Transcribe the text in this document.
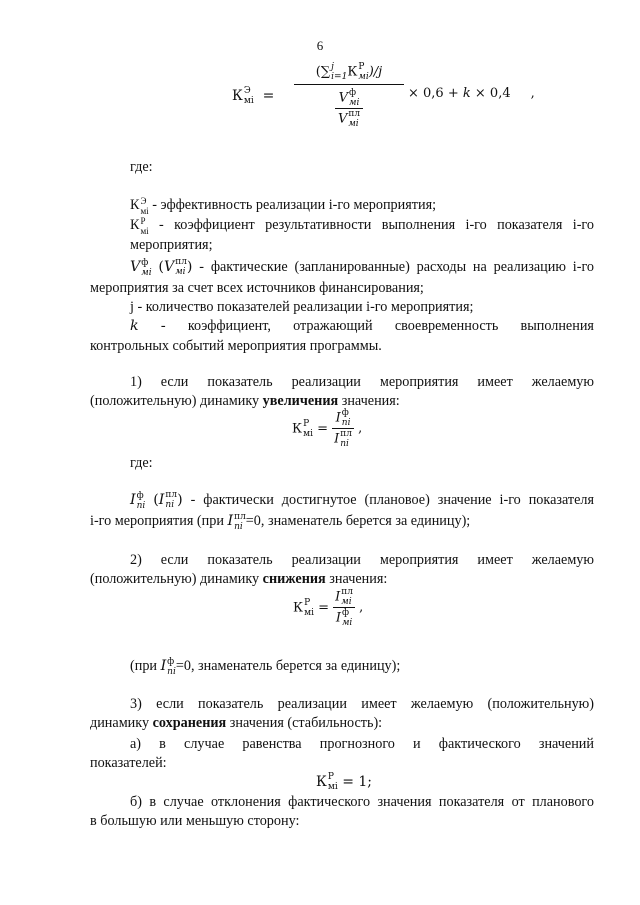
6
К Э
мi =
(∑ j
i=1 К Р
мi )/j
V ф
мi
V пл
мi
× 0,6 + k × 0,4 ,
где:
К Э
мi - эффективность реализации i-го мероприятия;
К Р
мi - коэффициент результативности выполнения i-го показателя i-го
мероприятия;
V ф
мi (V пл
мi ) - фактические (запланированные) расходы на реализацию i-го
мероприятия за счет всех источников финансирования;
j - количество показателей реализации i-го мероприятия;
k - коэффициент, отражающий своевременность выполнения
контрольных событий мероприятия программы.
1) если показатель реализации мероприятия имеет желаемую
(положительную) динамику увеличения значения:
К Р
мi = I ф
пi
I пл
пi ,
где:
I ф
пi (I пл
пi ) - фактически достигнутое (плановое) значение i-го показателя
i-го мероприятия (при I пл
пi =0, знаменатель берется за единицу);
2) если показатель реализации мероприятия имеет желаемую
(положительную) динамику снижения значения:
К Р
мi = I пл
мi
I ф
мi ,
(при I ф
пi =0, знаменатель берется за единицу);
3) если показатель реализации имеет желаемую (положительную)
динамику сохранения значения (стабильность):
а) в случае равенства прогнозного и фактического значений
показателей:
К Р
мi = 1;
б) в случае отклонения фактического значения показателя от планового
в большую или меньшую сторону:
